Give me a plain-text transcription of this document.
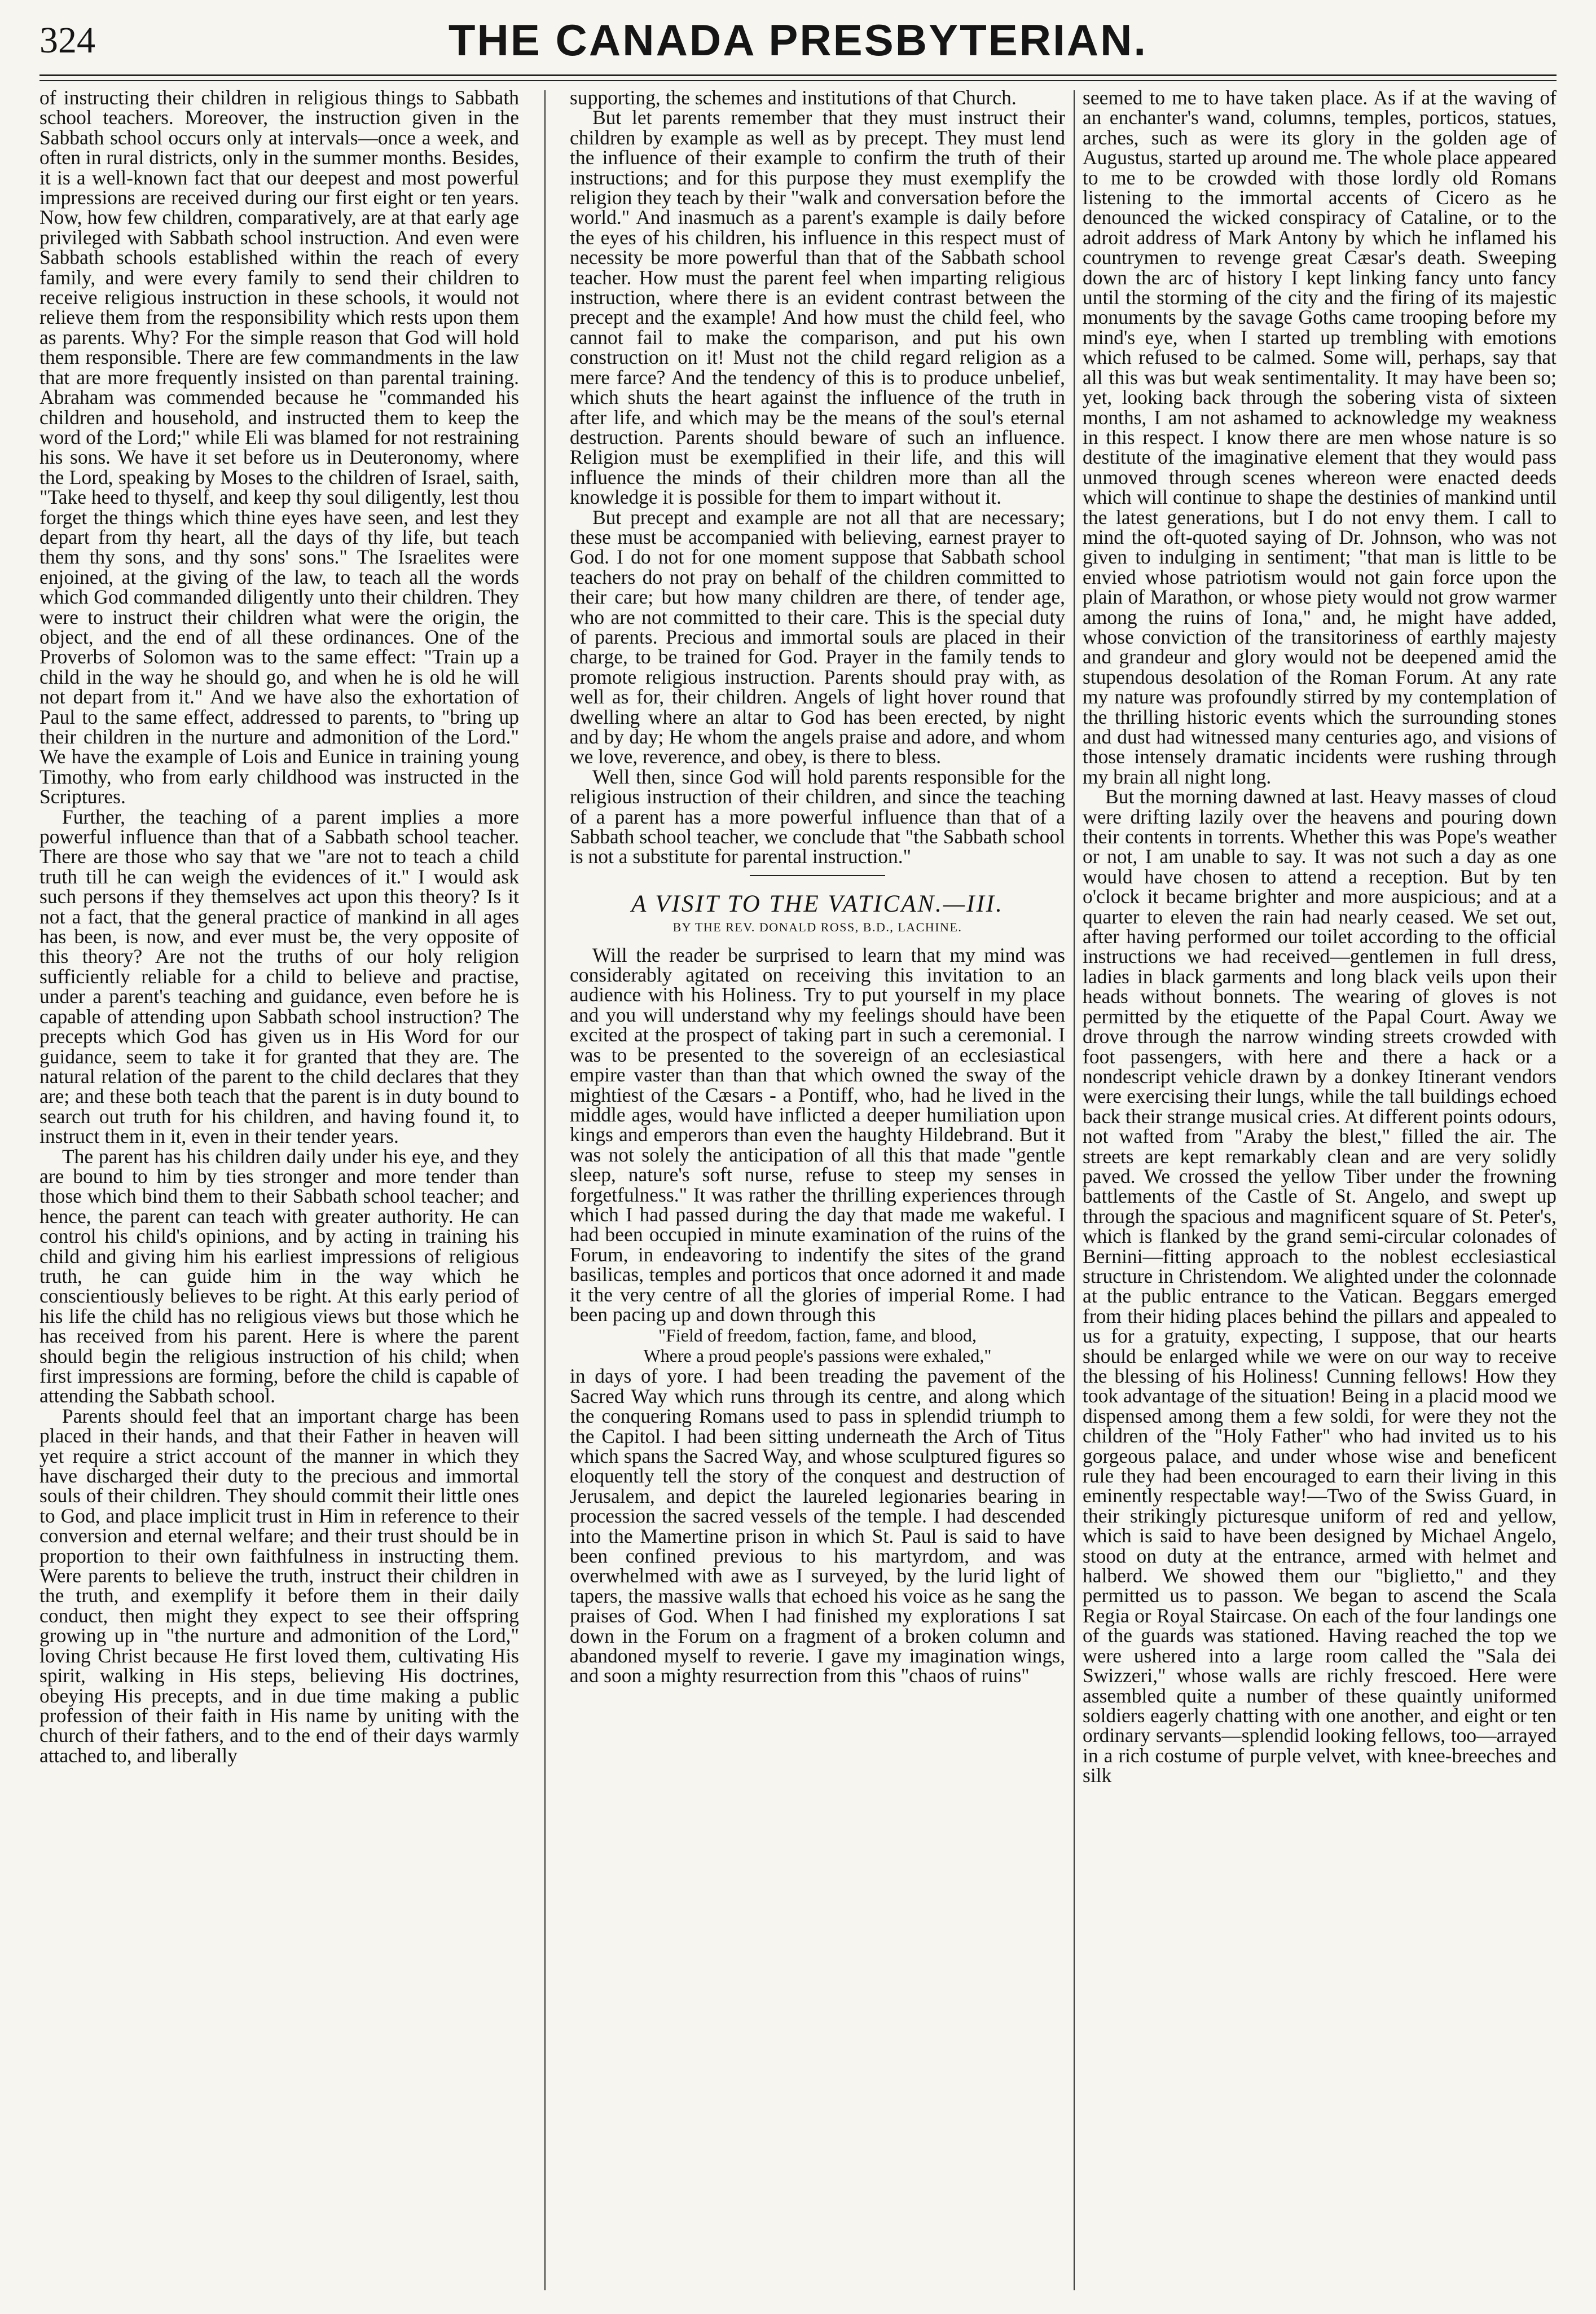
324	THE CANADA PRESBYTERIAN.

of instructing their children in religious things to Sabbath school teachers. Moreover, the instruction given in the Sabbath school occurs only at intervals—once a week, and often in rural districts, only in the summer months. Besides, it is a well-known fact that our deepest and most powerful impressions are received during our first eight or ten years. Now, how few children, comparatively, are at that early age privileged with Sabbath school instruction. And even were Sabbath schools established within the reach of every family, and were every family to send their children to receive religious instruction in these schools, it would not relieve them from the responsibility which rests upon them as parents. Why? For the simple reason that God will hold them responsible. There are few commandments in the law that are more frequently insisted on than parental training. Abraham was commended because he "commanded his children and household, and instructed them to keep the word of the Lord;" while Eli was blamed for not restraining his sons. We have it set before us in Deuteronomy, where the Lord, speaking by Moses to the children of Israel, saith, "Take heed to thyself, and keep thy soul diligently, lest thou forget the things which thine eyes have seen, and lest they depart from thy heart, all the days of thy life, but teach them thy sons, and thy sons' sons." The Israelites were enjoined, at the giving of the law, to teach all the words which God commanded diligently unto their children. They were to instruct their children what were the origin, the object, and the end of all these ordinances. One of the Proverbs of Solomon was to the same effect: "Train up a child in the way he should go, and when he is old he will not depart from it." And we have also the exhortation of Paul to the same effect, addressed to parents, to "bring up their children in the nurture and admonition of the Lord." We have the example of Lois and Eunice in training young Timothy, who from early childhood was instructed in the Scriptures.

Further, the teaching of a parent implies a more powerful influence than that of a Sabbath school teacher. There are those who say that we "are not to teach a child truth till he can weigh the evidences of it." I would ask such persons if they themselves act upon this theory? Is it not a fact, that the general practice of mankind in all ages has been, is now, and ever must be, the very opposite of this theory? Are not the truths of our holy religion sufficiently reliable for a child to believe and practise, under a parent's teaching and guidance, even before he is capable of attending upon Sabbath school instruction? The precepts which God has given us in His Word for our guidance, seem to take it for granted that they are. The natural relation of the parent to the child declares that they are; and these both teach that the parent is in duty bound to search out truth for his children, and having found it, to instruct them in it, even in their tender years.

The parent has his children daily under his eye, and they are bound to him by ties stronger and more tender than those which bind them to their Sabbath school teacher; and hence, the parent can teach with greater authority. He can control his child's opinions, and by acting in training his child and giving him his earliest impressions of religious truth, he can guide him in the way which he conscientiously believes to be right. At this early period of his life the child has no religious views but those which he has received from his parent. Here is where the parent should begin the religious instruction of his child; when first impressions are forming, before the child is capable of attending the Sabbath school.

Parents should feel that an important charge has been placed in their hands, and that their Father in heaven will yet require a strict account of the manner in which they have discharged their duty to the precious and immortal souls of their children. They should commit their little ones to God, and place implicit trust in Him in reference to their conversion and eternal welfare; and their trust should be in proportion to their own faithfulness in instructing them. Were parents to believe the truth, instruct their children in the truth, and exemplify it before them in their daily conduct, then might they expect to see their offspring growing up in "the nurture and admonition of the Lord," loving Christ because He first loved them, cultivating His spirit, walking in His steps, believing His doctrines, obeying His precepts, and in due time making a public profession of their faith in His name by uniting with the church of their fathers, and to the end of their days warmly attached to, and liberally

supporting, the schemes and institutions of that Church.

But let parents remember that they must instruct their children by example as well as by precept. They must lend the influence of their example to confirm the truth of their instructions; and for this purpose they must exemplify the religion they teach by their "walk and conversation before the world." And inasmuch as a parent's example is daily before the eyes of his children, his influence in this respect must of necessity be more powerful than that of the Sabbath school teacher. How must the parent feel when imparting religious instruction, where there is an evident contrast between the precept and the example! And how must the child feel, who cannot fail to make the comparison, and put his own construction on it! Must not the child regard religion as a mere farce? And the tendency of this is to produce unbelief, which shuts the heart against the influence of the truth in after life, and which may be the means of the soul's eternal destruction. Parents should beware of such an influence. Religion must be exemplified in their life, and this will influence the minds of their children more than all the knowledge it is possible for them to impart without it.

But precept and example are not all that are necessary; these must be accompanied with believing, earnest prayer to God. I do not for one moment suppose that Sabbath school teachers do not pray on behalf of the children committed to their care; but how many children are there, of tender age, who are not committed to their care. This is the special duty of parents. Precious and immortal souls are placed in their charge, to be trained for God. Prayer in the family tends to promote religious instruction. Parents should pray with, as well as for, their children. Angels of light hover round that dwelling where an altar to God has been erected, by night and by day; He whom the angels praise and adore, and whom we love, reverence, and obey, is there to bless.

Well then, since God will hold parents responsible for the religious instruction of their children, and since the teaching of a parent has a more powerful influence than that of a Sabbath school teacher, we conclude that "the Sabbath school is not a substitute for parental instruction."

A VISIT TO THE VATICAN.—III.
BY THE REV. DONALD ROSS, B.D., LACHINE.

Will the reader be surprised to learn that my mind was considerably agitated on receiving this invitation to an audience with his Holiness. Try to put yourself in my place and you will understand why my feelings should have been excited at the prospect of taking part in such a ceremonial. I was to be presented to the sovereign of an ecclesiastical empire vaster than than that which owned the sway of the mightiest of the Cæsars - a Pontiff, who, had he lived in the middle ages, would have inflicted a deeper humiliation upon kings and emperors than even the haughty Hildebrand. But it was not solely the anticipation of all this that made "gentle sleep, nature's soft nurse, refuse to steep my senses in forgetfulness." It was rather the thrilling experiences through which I had passed during the day that made me wakeful. I had been occupied in minute examination of the ruins of the Forum, in endeavoring to indentify the sites of the grand basilicas, temples and porticos that once adorned it and made it the very centre of all the glories of imperial Rome. I had been pacing up and down through this

"Field of freedom, faction, fame, and blood,
Where a proud people's passions were exhaled,"

in days of yore. I had been treading the pavement of the Sacred Way which runs through its centre, and along which the conquering Romans used to pass in splendid triumph to the Capitol. I had been sitting underneath the Arch of Titus which spans the Sacred Way, and whose sculptured figures so eloquently tell the story of the conquest and destruction of Jerusalem, and depict the laureled legionaries bearing in procession the sacred vessels of the temple. I had descended into the Mamertine prison in which St. Paul is said to have been confined previous to his martyrdom, and was overwhelmed with awe as I surveyed, by the lurid light of tapers, the massive walls that echoed his voice as he sang the praises of God. When I had finished my explorations I sat down in the Forum on a fragment of a broken column and abandoned myself to reverie. I gave my imagination wings, and soon a mighty resurrection from this "chaos of ruins"

seemed to me to have taken place. As if at the waving of an enchanter's wand, columns, temples, porticos, statues, arches, such as were its glory in the golden age of Augustus, started up around me. The whole place appeared to me to be crowded with those lordly old Romans listening to the immortal accents of Cicero as he denounced the wicked conspiracy of Cataline, or to the adroit address of Mark Antony by which he inflamed his countrymen to revenge great Cæsar's death. Sweeping down the arc of history I kept linking fancy unto fancy until the storming of the city and the firing of its majestic monuments by the savage Goths came trooping before my mind's eye, when I started up trembling with emotions which refused to be calmed. Some will, perhaps, say that all this was but weak sentimentality. It may have been so; yet, looking back through the sobering vista of sixteen months, I am not ashamed to acknowledge my weakness in this respect. I know there are men whose nature is so destitute of the imaginative element that they would pass unmoved through scenes whereon were enacted deeds which will continue to shape the destinies of mankind until the latest generations, but I do not envy them. I call to mind the oft-quoted saying of Dr. Johnson, who was not given to indulging in sentiment; "that man is little to be envied whose patriotism would not gain force upon the plain of Marathon, or whose piety would not grow warmer among the ruins of Iona," and, he might have added, whose conviction of the transitoriness of earthly majesty and grandeur and glory would not be deepened amid the stupendous desolation of the Roman Forum. At any rate my nature was profoundly stirred by my contemplation of the thrilling historic events which the surrounding stones and dust had witnessed many centuries ago, and visions of those intensely dramatic incidents were rushing through my brain all night long.

But the morning dawned at last. Heavy masses of cloud were drifting lazily over the heavens and pouring down their contents in torrents. Whether this was Pope's weather or not, I am unable to say. It was not such a day as one would have chosen to attend a reception. But by ten o'clock it became brighter and more auspicious; and at a quarter to eleven the rain had nearly ceased. We set out, after having performed our toilet according to the official instructions we had received—gentlemen in full dress, ladies in black garments and long black veils upon their heads without bonnets. The wearing of gloves is not permitted by the etiquette of the Papal Court. Away we drove through the narrow winding streets crowded with foot passengers, with here and there a hack or a nondescript vehicle drawn by a donkey Itinerant vendors were exercising their lungs, while the tall buildings echoed back their strange musical cries. At different points odours, not wafted from "Araby the blest," filled the air. The streets are kept remarkably clean and are very solidly paved. We crossed the yellow Tiber under the frowning battlements of the Castle of St. Angelo, and swept up through the spacious and magnificent square of St. Peter's, which is flanked by the grand semi-circular colonades of Bernini—fitting approach to the noblest ecclesiastical structure in Christendom. We alighted under the colonnade at the public entrance to the Vatican. Beggars emerged from their hiding places behind the pillars and appealed to us for a gratuity, expecting, I suppose, that our hearts should be enlarged while we were on our way to receive the blessing of his Holiness! Cunning fellows! How they took advantage of the situation! Being in a placid mood we dispensed among them a few soldi, for were they not the children of the "Holy Father" who had invited us to his gorgeous palace, and under whose wise and beneficent rule they had been encouraged to earn their living in this eminently respectable way!—Two of the Swiss Guard, in their strikingly picturesque uniform of red and yellow, which is said to have been designed by Michael Angelo, stood on duty at the entrance, armed with helmet and halberd. We showed them our "biglietto," and they permitted us to passon. We began to ascend the Scala Regia or Royal Staircase. On each of the four landings one of the guards was stationed. Having reached the top we were ushered into a large room called the "Sala dei Swizzeri," whose walls are richly frescoed. Here were assembled quite a number of these quaintly uniformed soldiers eagerly chatting with one another, and eight or ten ordinary servants—splendid looking fellows, too—arrayed in a rich costume of purple velvet, with knee-breeches and silk
